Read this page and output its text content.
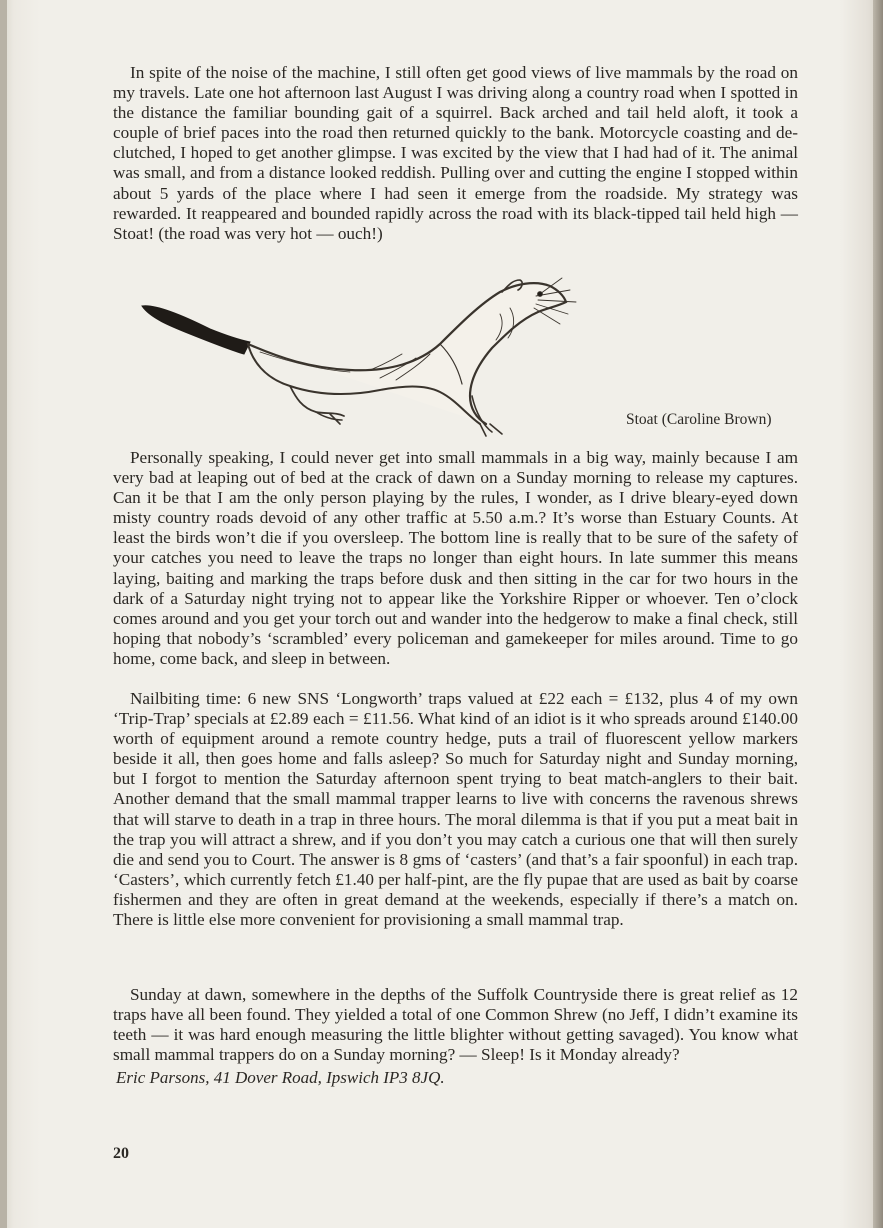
In spite of the noise of the machine, I still often get good views of live mammals by the road on my travels. Late one hot afternoon last August I was driving along a country road when I spotted in the distance the familiar bounding gait of a squirrel. Back arched and tail held aloft, it took a couple of brief paces into the road then returned quickly to the bank. Motorcycle coasting and de-clutched, I hoped to get another glimpse. I was excited by the view that I had had of it. The animal was small, and from a distance looked reddish. Pulling over and cutting the engine I stopped within about 5 yards of the place where I had seen it emerge from the roadside. My strategy was rewarded. It reappeared and bounded rapidly across the road with its black-tipped tail held high — Stoat! (the road was very hot — ouch!)

Stoat (Caroline Brown)

Personally speaking, I could never get into small mammals in a big way, mainly because I am very bad at leaping out of bed at the crack of dawn on a Sunday morning to release my captures. Can it be that I am the only person playing by the rules, I wonder, as I drive bleary-eyed down misty country roads devoid of any other traffic at 5.50 a.m.? It’s worse than Estuary Counts. At least the birds won’t die if you oversleep. The bottom line is really that to be sure of the safety of your catches you need to leave the traps no longer than eight hours. In late summer this means laying, baiting and marking the traps before dusk and then sitting in the car for two hours in the dark of a Saturday night trying not to appear like the Yorkshire Ripper or whoever. Ten o’clock comes around and you get your torch out and wander into the hedgerow to make a final check, still hoping that nobody’s ‘scrambled’ every policeman and gamekeeper for miles around. Time to go home, come back, and sleep in between.

Nailbiting time: 6 new SNS ‘Longworth’ traps valued at £22 each = £132, plus 4 of my own ‘Trip-Trap’ specials at £2.89 each = £11.56. What kind of an idiot is it who spreads around £140.00 worth of equipment around a remote country hedge, puts a trail of fluorescent yellow markers beside it all, then goes home and falls asleep? So much for Saturday night and Sunday morning, but I forgot to mention the Saturday afternoon spent trying to beat match-anglers to their bait. Another demand that the small mammal trapper learns to live with concerns the ravenous shrews that will starve to death in a trap in three hours. The moral dilemma is that if you put a meat bait in the trap you will attract a shrew, and if you don’t you may catch a curious one that will then surely die and send you to Court. The answer is 8 gms of ‘casters’ (and that’s a fair spoonful) in each trap. ‘Casters’, which currently fetch £1.40 per half-pint, are the fly pupae that are used as bait by coarse fishermen and they are often in great demand at the weekends, especially if there’s a match on. There is little else more convenient for provisioning a small mammal trap.

Sunday at dawn, somewhere in the depths of the Suffolk Countryside there is great relief as 12 traps have all been found. They yielded a total of one Common Shrew (no Jeff, I didn’t examine its teeth — it was hard enough measuring the little blighter without getting savaged). You know what small mammal trappers do on a Sunday morning? — Sleep! Is it Monday already?

Eric Parsons, 41 Dover Road, Ipswich IP3 8JQ.
20
